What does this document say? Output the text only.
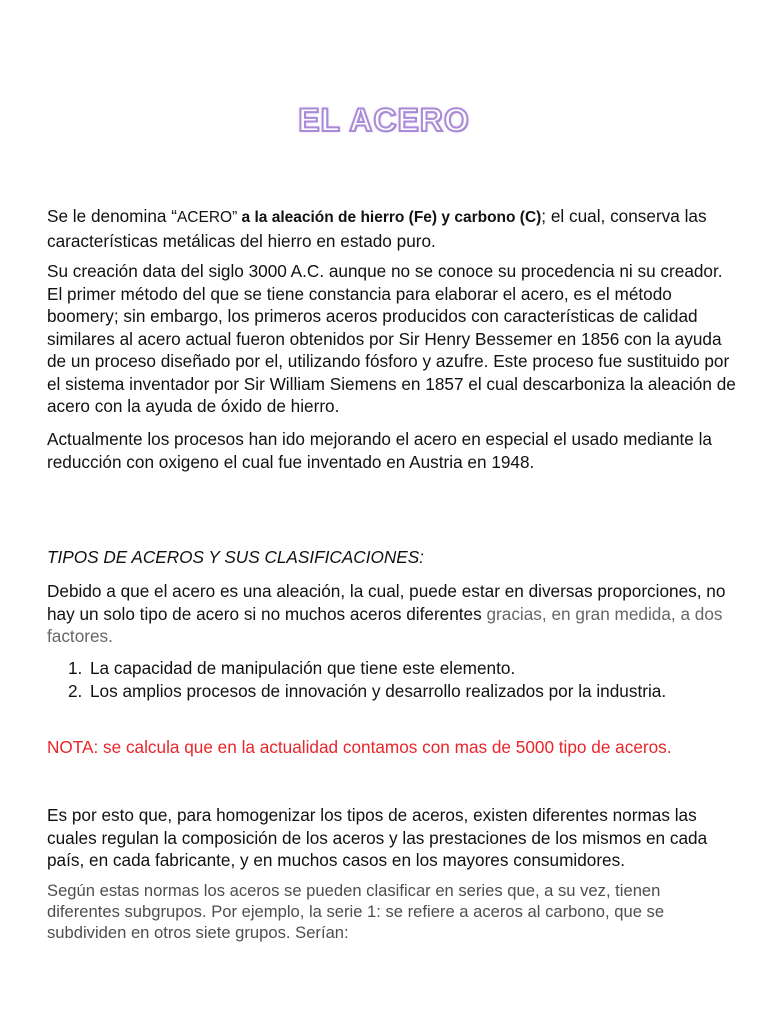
EL ACERO
Se le denomina “ACERO” a la aleación de hierro (Fe) y carbono (C); el cual, conserva las características metálicas del hierro en estado puro.
Su creación data del siglo 3000 A.C. aunque no se conoce su procedencia ni su creador. El primer método del que se tiene constancia para elaborar el acero, es el método boomery; sin embargo, los primeros aceros producidos con características de calidad similares al acero actual fueron obtenidos por Sir Henry Bessemer en 1856 con la ayuda de un proceso diseñado por el, utilizando fósforo y azufre. Este proceso fue sustituido por el sistema inventador por Sir William Siemens en 1857 el cual descarboniza la aleación de acero con la ayuda de óxido de hierro.
Actualmente los procesos han ido mejorando el acero en especial el usado mediante la reducción con oxigeno el cual fue inventado en Austria en 1948.
TIPOS DE ACEROS Y SUS CLASIFICACIONES:
Debido a que el acero es una aleación, la cual, puede estar en diversas proporciones, no hay un solo tipo de acero si no muchos aceros diferentes gracias, en gran medida, a dos factores.
1. La capacidad de manipulación que tiene este elemento.
2. Los amplios procesos de innovación y desarrollo realizados por la industria.
NOTA: se calcula que en la actualidad contamos con mas de 5000 tipo de aceros.
Es por esto que, para homogenizar los tipos de aceros, existen diferentes normas las cuales regulan la composición de los aceros y las prestaciones de los mismos en cada país, en cada fabricante, y en muchos casos en los mayores consumidores.
Según estas normas los aceros se pueden clasificar en series que, a su vez, tienen diferentes subgrupos. Por ejemplo, la serie 1: se refiere a aceros al carbono, que se subdividen en otros siete grupos. Serían:
